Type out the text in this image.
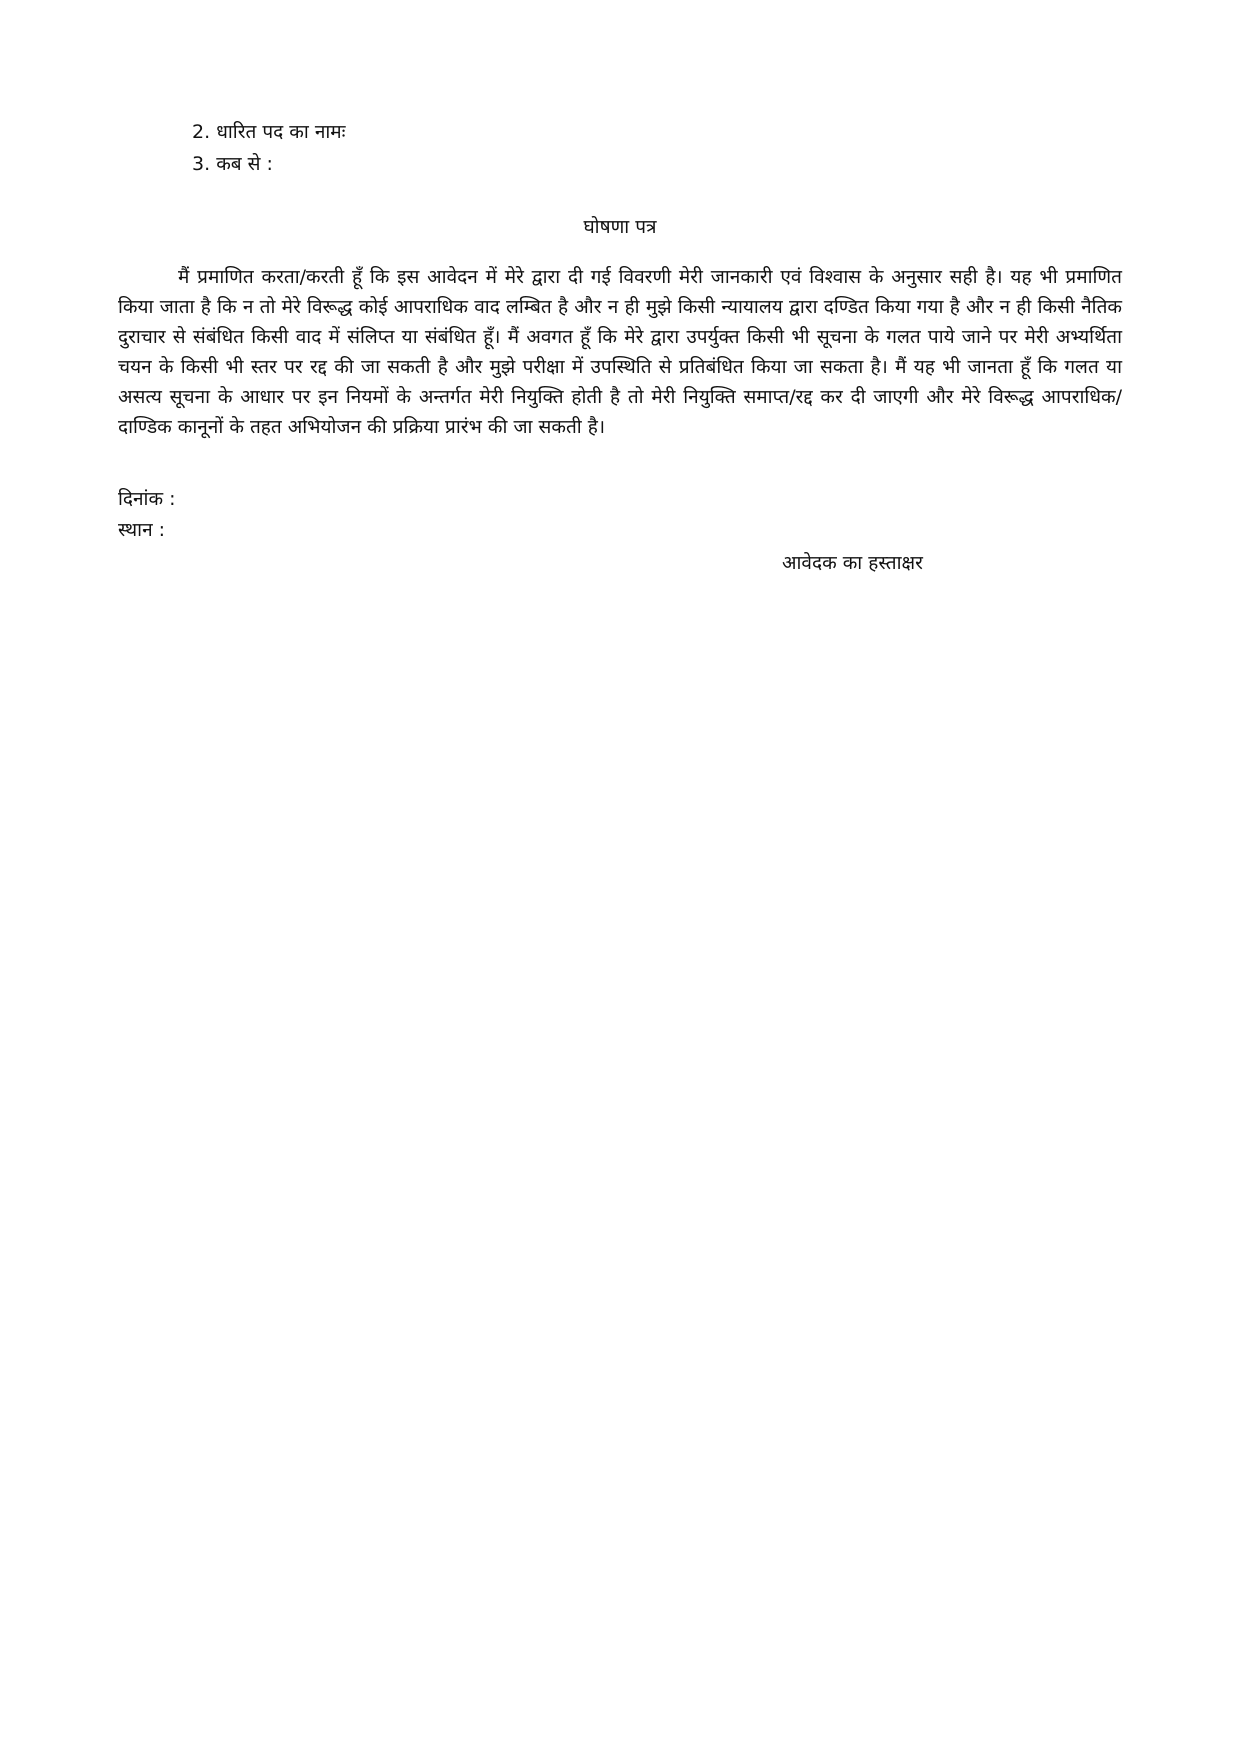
2. धारित पद का नामः
3. कब से :
घोषणा पत्र

मैं प्रमाणित करता/करती हूँ कि इस आवेदन में मेरे द्वारा दी गई विवरणी मेरी जानकारी एवं विश्वास के अनुसार सही है। यह भी प्रमाणित किया जाता है कि न तो मेरे विरूद्ध कोई आपराधिक वाद लम्बित है और न ही मुझे किसी न्यायालय द्वारा दण्डित किया गया है और न ही किसी नैतिक दुराचार से संबंधित किसी वाद में संलिप्त या संबंधित हूँ। मैं अवगत हूँ कि मेरे द्वारा उपर्युक्त किसी भी सूचना के गलत पाये जाने पर मेरी अभ्यर्थिता चयन के किसी भी स्तर पर रद्द की जा सकती है और मुझे परीक्षा में उपस्थिति से प्रतिबंधित किया जा सकता है। मैं यह भी जानता हूँ कि गलत या असत्य सूचना के आधार पर इन नियमों के अन्तर्गत मेरी नियुक्ति होती है तो मेरी नियुक्ति समाप्त/रद्द कर दी जाएगी और मेरे विरूद्ध आपराधिक/दाण्डिक कानूनों के तहत अभियोजन की प्रक्रिया प्रारंभ की जा सकती है।

दिनांक :
स्थान :
आवेदक का हस्ताक्षर
